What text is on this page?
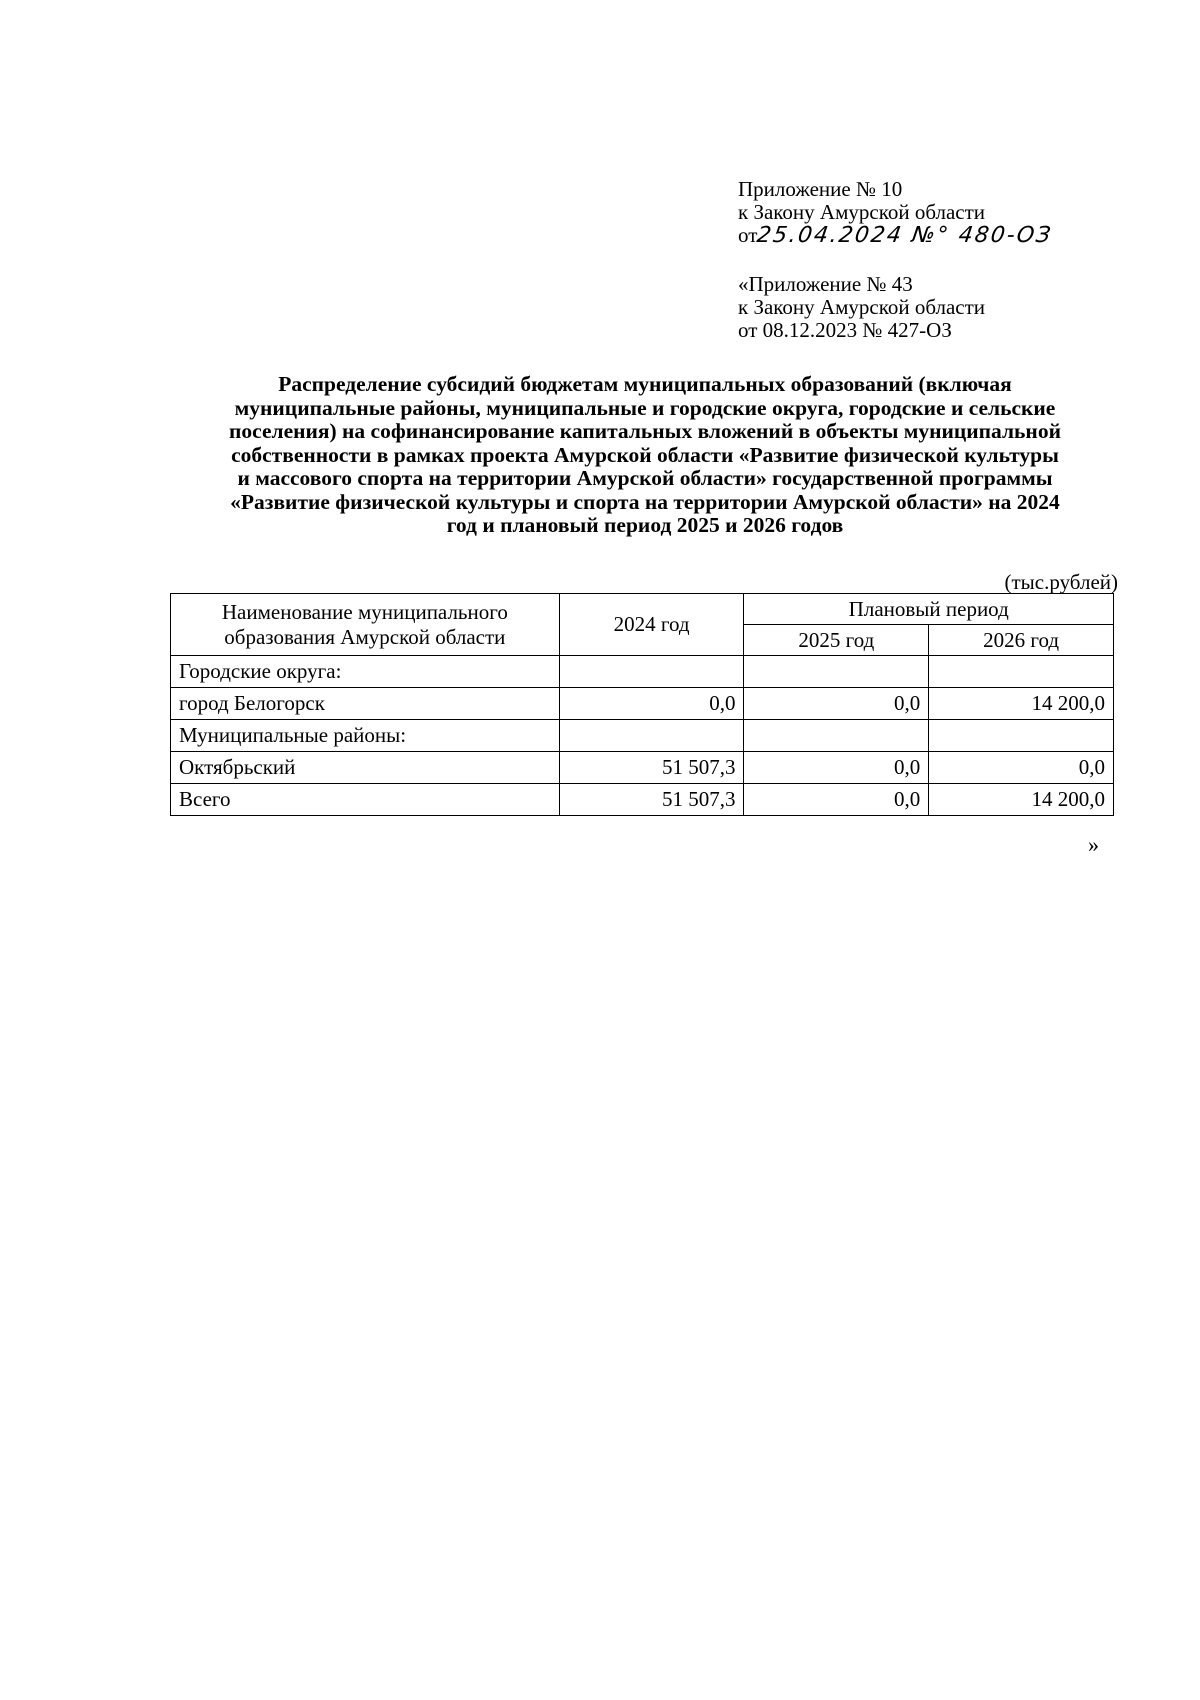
Приложение № 10
к Закону Амурской области
от25.04.2024 №° 480-ОЗ
«Приложение № 43
к Закону Амурской области
от 08.12.2023 № 427-ОЗ
Распределение субсидий бюджетам муниципальных образований (включая
муниципальные районы, муниципальные и городские округа, городские и сельские
поселения) на софинансирование капитальных вложений в объекты муниципальной
собственности в рамках проекта Амурской области «Развитие физической культуры
и массового спорта на территории Амурской области» государственной программы
«Развитие физической культуры и спорта на территории Амурской области» на 2024
год и плановый период 2025 и 2026 годов
(тыс.рублей)
Наименование муниципального
образования Амурской области	2024 год	Плановый период	
		2025 год	2026 год
Городские округа:			
город Белогорск	0,0	0,0	14 200,0
Муниципальные районы:			
Октябрьский	51 507,3	0,0	0,0
Всего	51 507,3	0,0	14 200,0
»
